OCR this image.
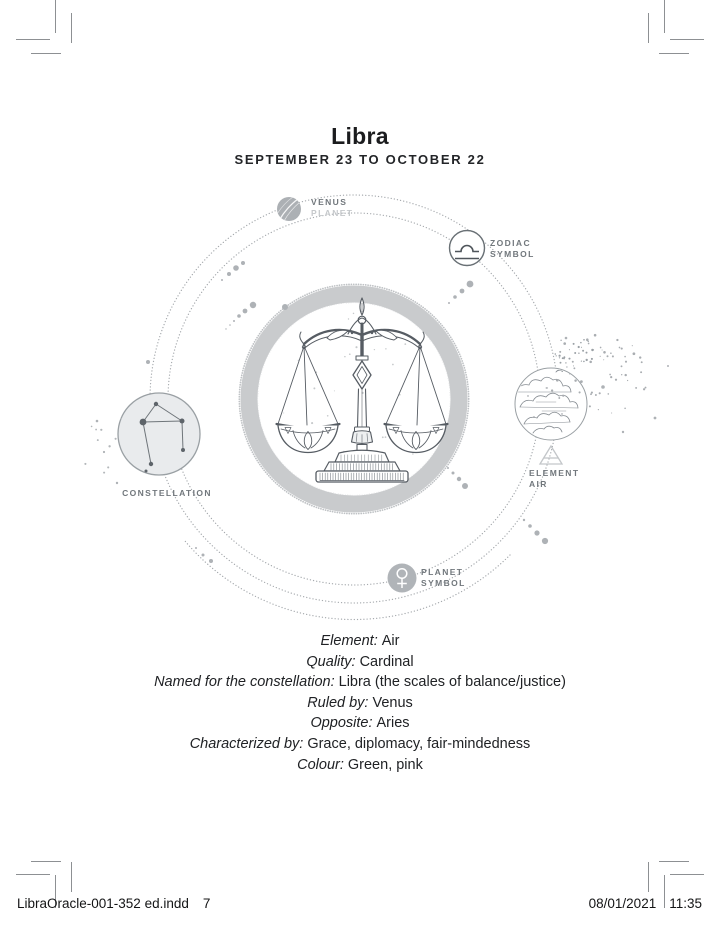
Libra
SEPTEMBER 23 TO OCTOBER 22
VENUS
PLANET
ZODIAC
SYMBOL
CONSTELLATION
ELEMENT
AIR
PLANET
SYMBOL
Element: Air
Quality: Cardinal
Named for the constellation: Libra (the scales of balance/justice)
Ruled by: Venus
Opposite: Aries
Characterized by: Grace, diplomacy, fair-mindedness
Colour: Green, pink
LibraOracle-001-352 ed.indd 7	08/01/2021 11:35
